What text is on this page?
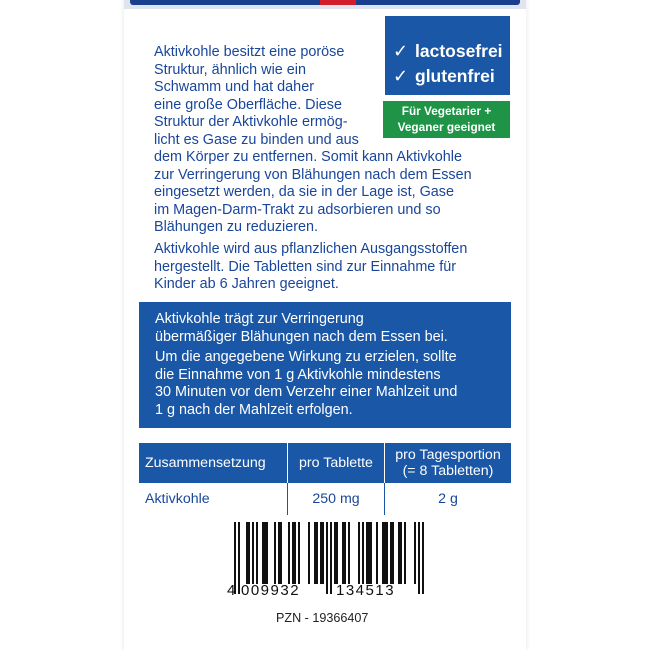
Aktivkohle besitzt eine poröse
Struktur, ähnlich wie ein
Schwamm und hat daher
eine große Oberfläche. Diese
Struktur der Aktivkohle ermög-
licht es Gase zu binden und aus

dem Körper zu entfernen. Somit kann Aktivkohle
zur Verringerung von Blähungen nach dem Essen
eingesetzt werden, da sie in der Lage ist, Gase
im Magen-Darm-Trakt zu adsorbieren und so
Blähungen zu reduzieren.

Aktivkohle wird aus pflanzlichen Ausgangsstoffen
hergestellt. Die Tabletten sind zur Einnahme für
Kinder ab 6 Jahren geeignet.

✓ lactosefrei
✓ glutenfrei
Für Vegetarier +
Veganer geeignet

Aktivkohle trägt zur Verringerung
übermäßiger Blähungen nach dem Essen bei.

Um die angegebene Wirkung zu erzielen, sollte
die Einnahme von 1 g Aktivkohle mindestens
30 Minuten vor dem Verzehr einer Mahlzeit und
1 g nach der Mahlzeit erfolgen.

Zusammensetzung	pro Tablette	pro Tagesportion
(= 8 Tabletten)
Aktivkohle	250 mg	2 g
4 009932 134513
PZN - 19366407
